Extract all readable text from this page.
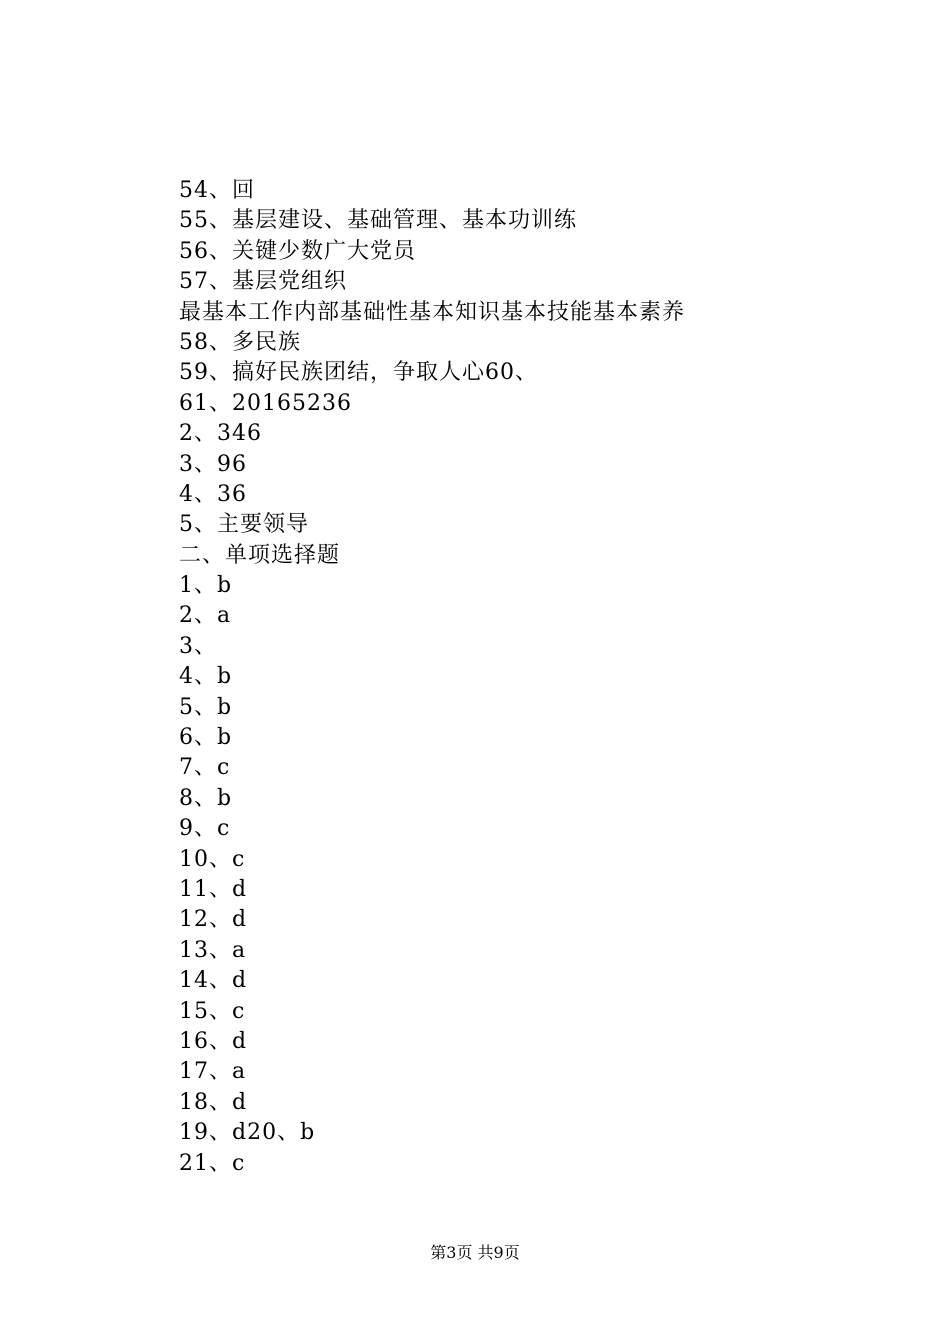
54、回
55、基层建设、基础管理、基本功训练
56、关键少数广大党员
57、基层党组织
最基本工作内部基础性基本知识基本技能基本素养
58、多民族
59、搞好民族团结，争取人心60、
61、20165236
2、346
3、96
4、36
5、主要领导
二、单项选择题
1、b
2、a
3、
4、b
5、b
6、b
7、c
8、b
9、c
10、c
11、d
12、d
13、a
14、d
15、c
16、d
17、a
18、d
19、d20、b
21、c
第3页 共9页
